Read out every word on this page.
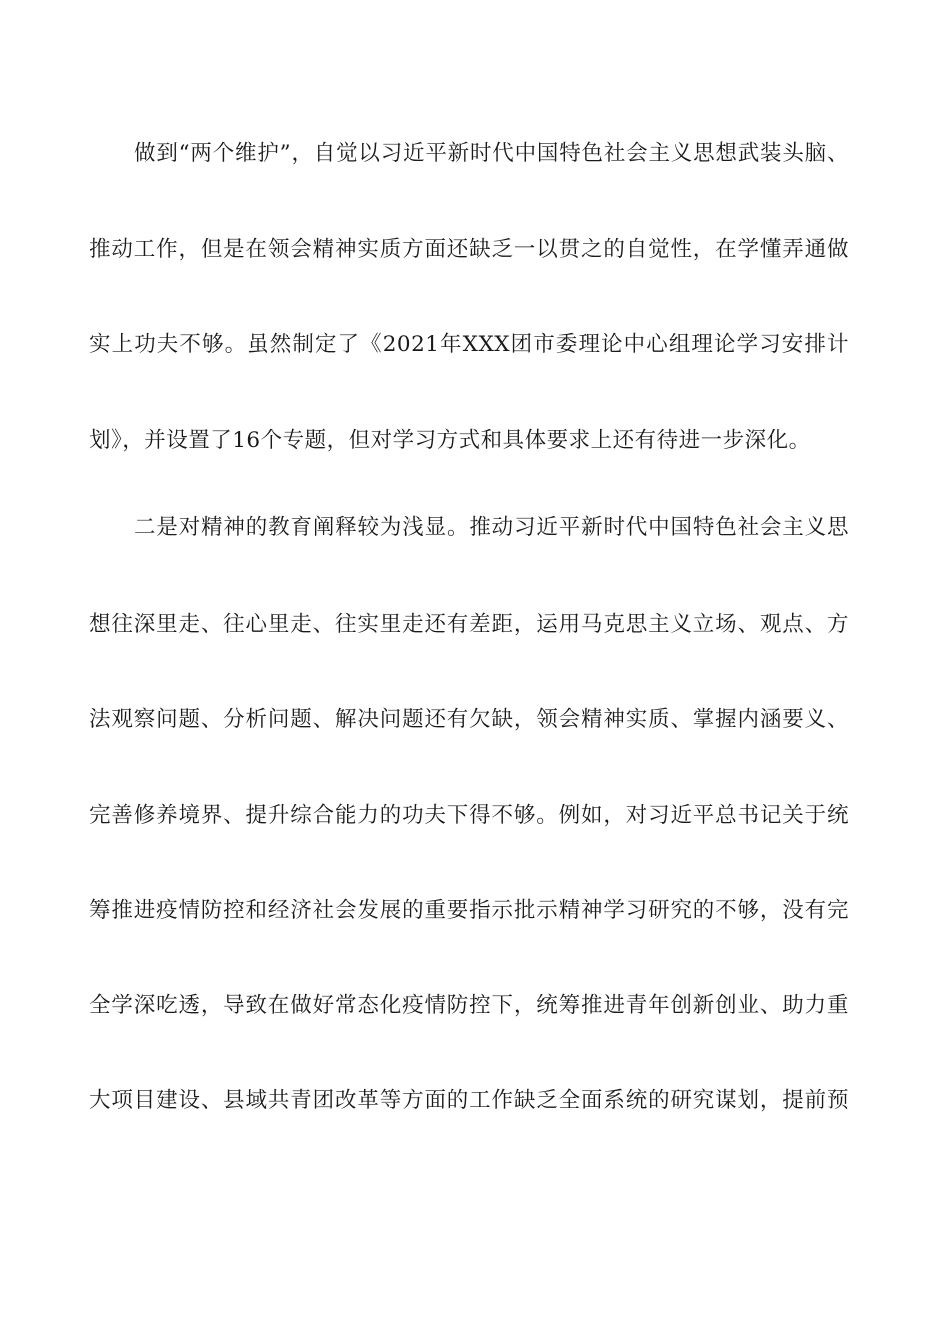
做到“两个维护”，自觉以习近平新时代中国特色社会主义思想武装头脑、
推动工作，但是在领会精神实质方面还缺乏一以贯之的自觉性，在学懂弄通做
实上功夫不够。虽然制定了《2021年XXX团市委理论中心组理论学习安排计
划》，并设置了16个专题，但对学习方式和具体要求上还有待进一步深化。
二是对精神的教育阐释较为浅显。推动习近平新时代中国特色社会主义思
想往深里走、往心里走、往实里走还有差距，运用马克思主义立场、观点、方
法观察问题、分析问题、解决问题还有欠缺，领会精神实质、掌握内涵要义、
完善修养境界、提升综合能力的功夫下得不够。例如，对习近平总书记关于统
筹推进疫情防控和经济社会发展的重要指示批示精神学习研究的不够，没有完
全学深吃透，导致在做好常态化疫情防控下，统筹推进青年创新创业、助力重
大项目建设、县域共青团改革等方面的工作缺乏全面系统的研究谋划，提前预
